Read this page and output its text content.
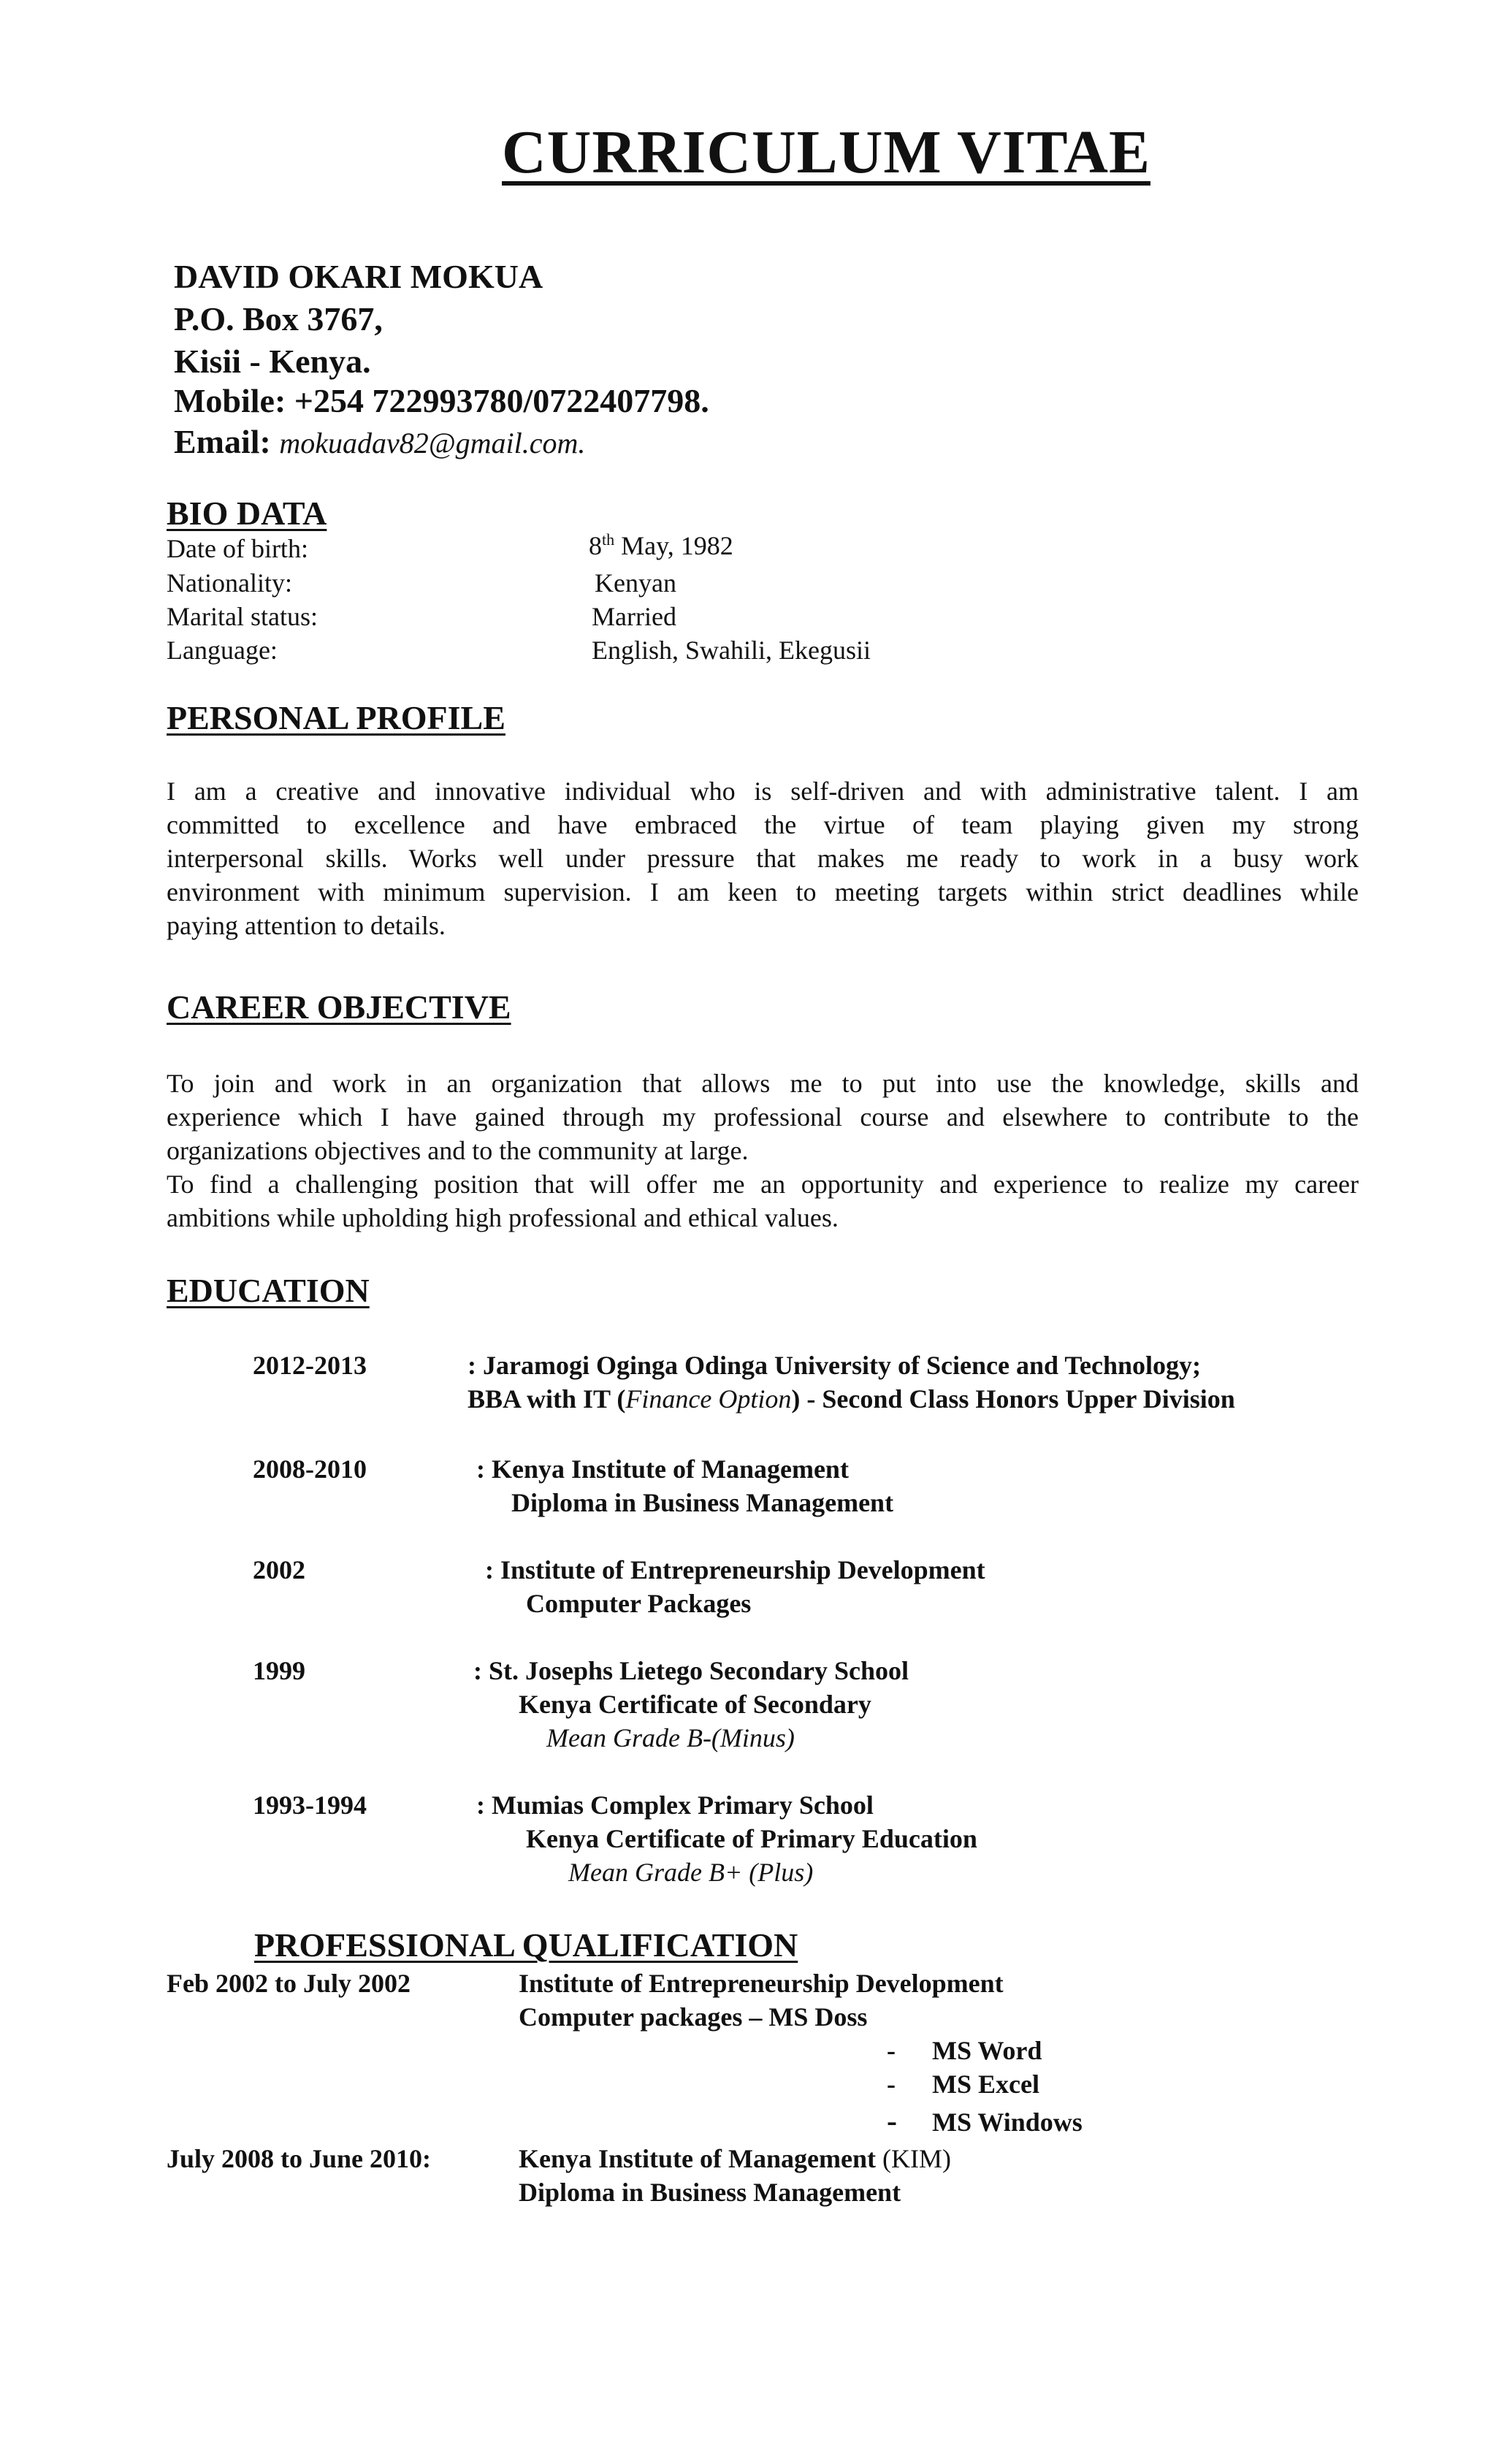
CURRICULUM VITAE
DAVID OKARI MOKUA
P.O. Box 3767,
Kisii - Kenya.
Mobile: +254 722993780/0722407798.
Email: mokuadav82@gmail.com.
BIO DATA
Date of birth:	8th May, 1982
Nationality:	Kenyan
Marital status:	Married
Language:	English, Swahili, Ekegusii
PERSONAL PROFILE
I am a creative and innovative individual who is self-driven and with administrative talent. I am
committed to excellence and have embraced the virtue of team playing given my strong
interpersonal skills. Works well under pressure that makes me ready to work in a busy work
environment with minimum supervision. I am keen to meeting targets within strict deadlines while
paying attention to details.
CAREER OBJECTIVE
To join and work in an organization that allows me to put into use the knowledge, skills and
experience which I have gained through my professional course and elsewhere to contribute to the
organizations objectives and to the community at large.
To find a challenging position that will offer me an opportunity and experience to realize my career
ambitions while upholding high professional and ethical values.
EDUCATION
2012-2013	: Jaramogi Oginga Odinga University of Science and Technology;
BBA with IT (Finance Option) - Second Class Honors Upper Division
2008-2010	: Kenya Institute of Management
Diploma in Business Management
2002	: Institute of Entrepreneurship Development
Computer Packages
1999	: St. Josephs Lietego Secondary School
Kenya Certificate of Secondary
Mean Grade B-(Minus)
1993-1994	: Mumias Complex Primary School
Kenya Certificate of Primary Education
Mean Grade B+ (Plus)
PROFESSIONAL QUALIFICATION
Feb 2002 to July 2002	Institute of Entrepreneurship Development
Computer packages – MS Doss
- MS Word
- MS Excel
- MS Windows
July 2008 to June 2010:	Kenya Institute of Management (KIM)
Diploma in Business Management
